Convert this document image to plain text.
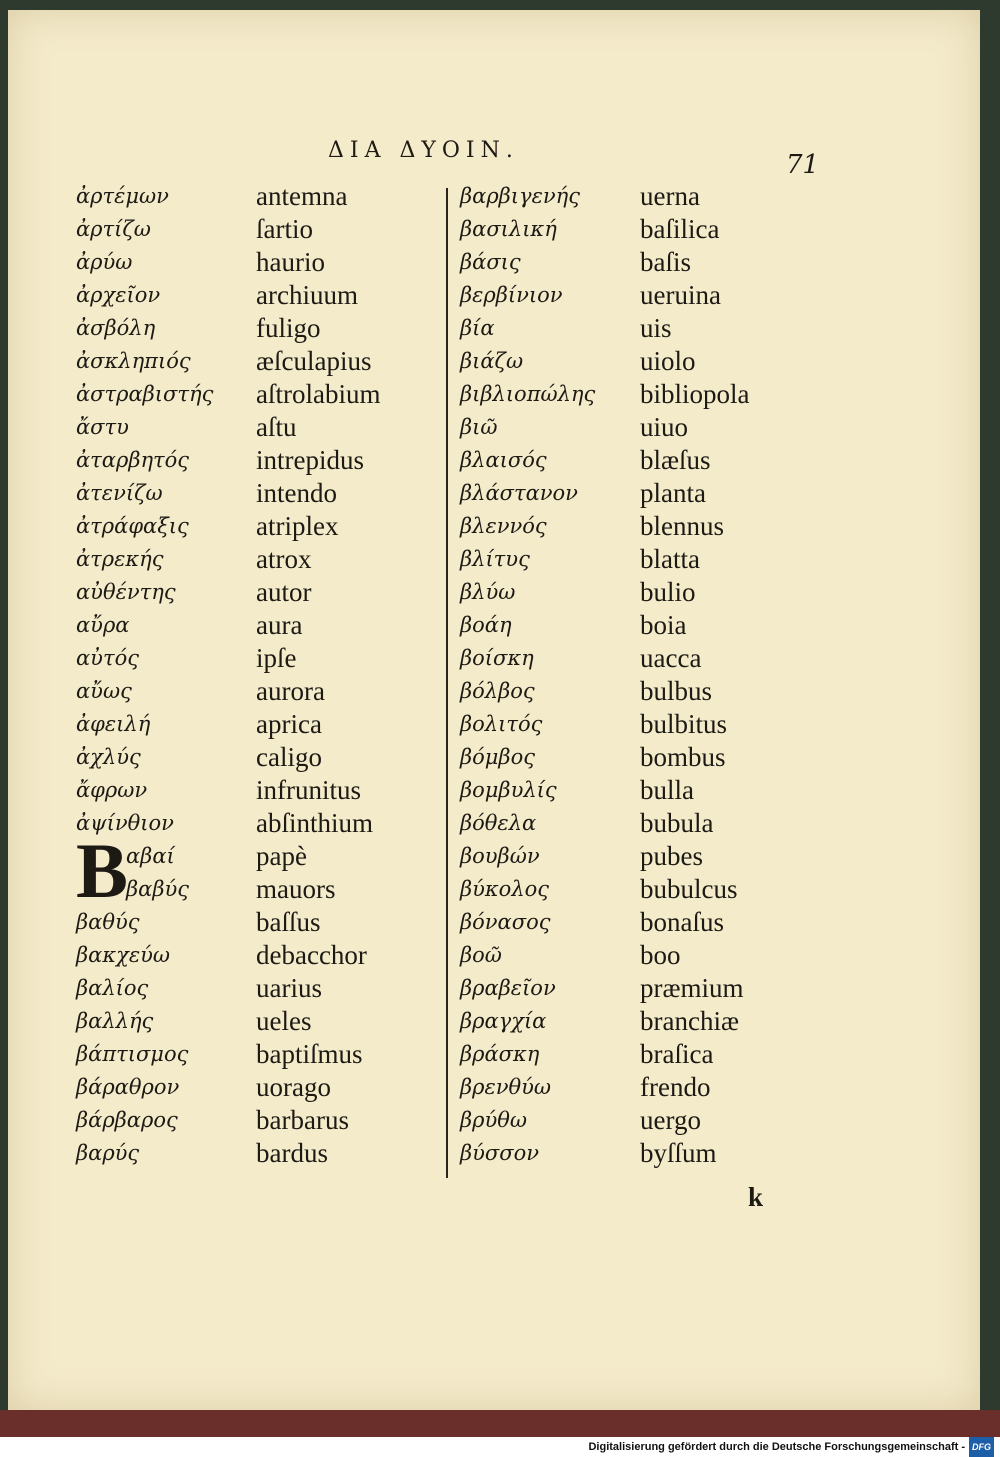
ΔΙΑ ΔΥΟΙΝ.	71
ἀρτέμων
ἀρτίζω
ἀρύω
ἀρχεῖον
ἀσβόλη
ἀσκληπιός
ἀστραβιστής
ἄστυ
ἀταρβητός
ἀτενίζω
ἀτράφαξις
ἀτρεκής
αὐθέντης
αὔρα
αὐτός
αὔως
ἀφειλή
ἀχλύς
ἄφρων
ἀψίνθιον
B
αβαί
βαβύς
βαθύς
βακχεύω
βαλίος
βαλλής
βάπτισμος
βάραθρον
βάρβαρος
βαρύς
antemna
ſartio
haurio
archiuum
fuligo
æſculapius
aſtrolabium
aſtu
intrepidus
intendo
atriplex
atrox
autor
aura
ipſe
aurora
aprica
caligo
infrunitus
abſinthium
papè
mauors
baſſus
debacchor
uarius
ueles
baptiſmus
uorago
barbarus
bardus
βαρβιγενής
βασιλική
βάσις
βερβίνιον
βία
βιάζω
βιβλιοπώλης
βιῶ
βλαισός
βλάστανον
βλεννός
βλίτυς
βλύω
βοάη
βοίσκη
βόλβος
βολιτός
βόμβος
βομβυλίς
βόθελα
βουβών
βύκολος
βόνασος
βοῶ
βραβεῖον
βραγχία
βράσκη
βρενθύω
βρύθω
βύσσον
uerna
baſilica
baſis
ueruina
uis
uiolo
bibliopola
uiuo
blæſus
planta
blennus
blatta
bulio
boia
uacca
bulbus
bulbitus
bombus
bulla
bubula
pubes
bubulcus
bonaſus
boo
præmium
branchiæ
braſica
frendo
uergo
byſſum
k
Digitalisierung gefördert durch die Deutsche Forschungsgemeinschaft - DFG
